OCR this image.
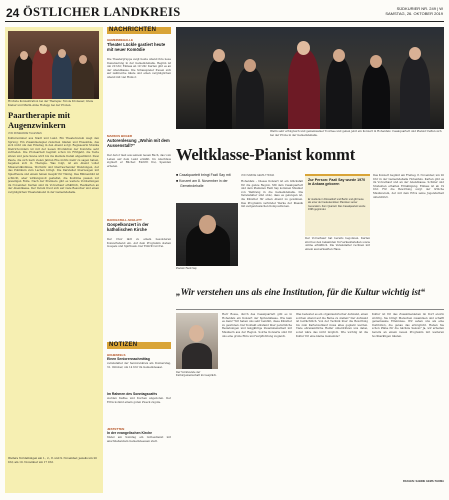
24 ÖSTLICHER LANDKREIS	SÜDKURIER NR. 249 | W
SAMSTAG, 26. OKTOBER 2019
Höchste Konzentration bei der Therapie: Nicole Kronauer, Grete Kieber und Marin-Anne Hodapp bei der Proben.
Paartherapie mit Augenzwinkern
VON ROSEMARIE TILLESSEN
Kultursommer aus Stadt und Land. Ein Theaterverein wagt den Sprung: Ein Zusammenspiel zwischen Gästen und Ensemble, das sich nicht um den Einstieg in den Abend sorgt. Regisseurin Monika Dietrich-Lüders ist mit der neuen Produktion der Komödie sehr zufrieden. Die Probearbeit beginnt schon im Frühjahr, die Texte sitzen und jede Szene wird bis ins kleinste Detail abgestimmt. Zwei Paare, die sich nach vielen Jahren Ehe nichts mehr zu sagen haben, begeben sich in Therapie. Was folgt, ist ein Abend voller Missverständnisse, Wortwitz und überraschender Wendungen, der das Publikum zum Lachen bringt. Die Darsteller überzeugen mit Spielfreude und einem feinen Gespür für Timing. Das Bühnenbild ist schlicht, aber wirkungsvoll gestaltet, die Kostüme passen zur jeweiligen Rolle. Nach der Premiere gibt es weitere Vorstellungen im November. Karten sind im Vorverkauf erhältlich, Restkarten an der Abendkasse. Der Verein freut sich auf viele Besucher und einen vergnüglichen Theaterabend in der Gemeindehalle.
Weitere Vorstellungen am 1., 2., 8. und 9. November, jeweils um 20 Uhr, am 10. November um 17 Uhr.
NACHRICHTEN
GEMEINDEHALLE
Theater Lückle gastiert heute mit neuer Komödie
Die Theatergruppe zeigt heute Abend ihre neue Inszenierung in der Gemeindehalle. Beginn ist um 20 Uhr, Einlass ab 19 Uhr. Karten gibt es an der Abendkasse. Die Schauspieler freuen sich auf zahlreiche Gäste und einen vergnüglichen Abend mit viel Humor.
MARKUS BOGER
Autorenlesung „Wohin mit dem Aussenstall?“
Der Autor liest aus seinem neuen Buch, das vom Leben auf dem Land erzählt. Im Anschluss signiert er Bücher. Eintritt frei, Spenden erbeten.
RADOLFZELL-SCHLATT
Gospelkonzert in der katholischen Kirche
Der Chor lädt zu einem besonderen Konzertabend ein. Auf dem Programm stehen Gospels und Spirituals. Der Eintritt ist frei.
NOTIZEN
HOHENFELS
Einen Seniorennachmittag
veranstaltet der Seniorenkreis am Donnerstag, 31. Oktober, um 14 Uhr im Gemeindesaal.
Im Rahmen des Sonntagscafés
werden Kaffee und Kuchen angeboten. Der Erlös kommt einem guten Zweck zugute.
JESTETTEN
In der evangelischen Kirche
findet am Sonntag ein Gottesdienst mit anschließendem Gemeindeessen statt.
Warm sehr erfolgreich und gemeinsamer Tournee und geben jetzt ein Konzert in Hohenfels: Casalquartett und Pianist treffen sich bei der Probe in der Gemeindehalle.
Weltklasse-Pianist kommt
■ Casalquartett bringt Fazil Say mit
■ Konzert am 8. November in der Gemeindehalle
Pianist Fazil Say
VON SABINE GEMS-THOMA
Hohenfels – Dieses Konzert ist ein Glücksfall für die ganze Region. Mit dem Casalquartett und dem Pianisten Fazil Say kommen Musiker von Weltrang in die Gemeindehalle. Die Veranstalter sind stolz, dass es gelungen ist, die Künstler für einen Abend zu gewinnen. Das Programm verbindet Werke der Klassik mit zeitgenössischen Kompositionen.
Zur Person: Fazil Say wurde 1970 in Ankara geboren
Er studierte in Düsseldorf und Berlin und gilt heute als einer der bedeutendsten Pianisten seiner Generation. Zum Quartett: Das Casalquartett wurde 1996 gegründet.
Der Vorverkauf hat bereits begonnen. Karten sind bei den bekannten Vorverkaufsstellen sowie online erhältlich. Die Veranstalter rechnen mit einem ausverkauften Haus.
Das Konzert beginnt am Freitag, 8. November, um 20 Uhr in der Gemeindehalle Hohenfels. Karten gibt es im Vorverkauf und an der Abendkasse. Schüler und Studenten erhalten Ermäßigung. Einlass ist ab 19 Uhr. Für die Bewirtung sorgt der örtliche Musikverein, der mit dem Erlös seine Jugendarbeit unterstützt.
„Wir verstehen uns als eine Institution, für die Kultur wichtig ist“
Der Vorsitzende der Kulturgemeinschaft im Gespräch.
Herr Bosse, durch das Casalquartett gibt es in Hohenfels ein Konzert der Spitzenklasse. Wie kam es dazu? Wir haben uns sehr bemüht, diese Künstler zu gewinnen. Der Kontakt entstand über persönliche Beziehungen und langjährige Zusammenarbeit mit Musikern aus der Region. Solche Konzerte sind für uns eine große Ehre und Verpflichtung zugleich.
Was bedeutet es ein organisatorischer Aufwand, einen solchen Abend auf die Beine zu stellen? Der Aufwand ist beträchtlich. Von der Technik über die Bewirtung bis zum Kartenverkauf muss alles geplant werden. Viele ehrenamtliche Helfer unterstützen uns dabei, sonst wäre das nicht möglich. Wie wichtig ist die Kultur für eine kleine Gemeinde?
Kultur ist für das Zusammenleben im Dorf enorm wichtig. Sie bringt Menschen zusammen und schafft gemeinsame Erlebnisse. Wir sehen uns als eine Institution, die genau das ermöglicht. Haben Sie schon Pläne für die nächste Saison? Ja, wir arbeiten bereits an einem neuen Programm mit weiteren hochkarätigen Gästen.
FRAGEN: SABINE GEMS-THOMA
